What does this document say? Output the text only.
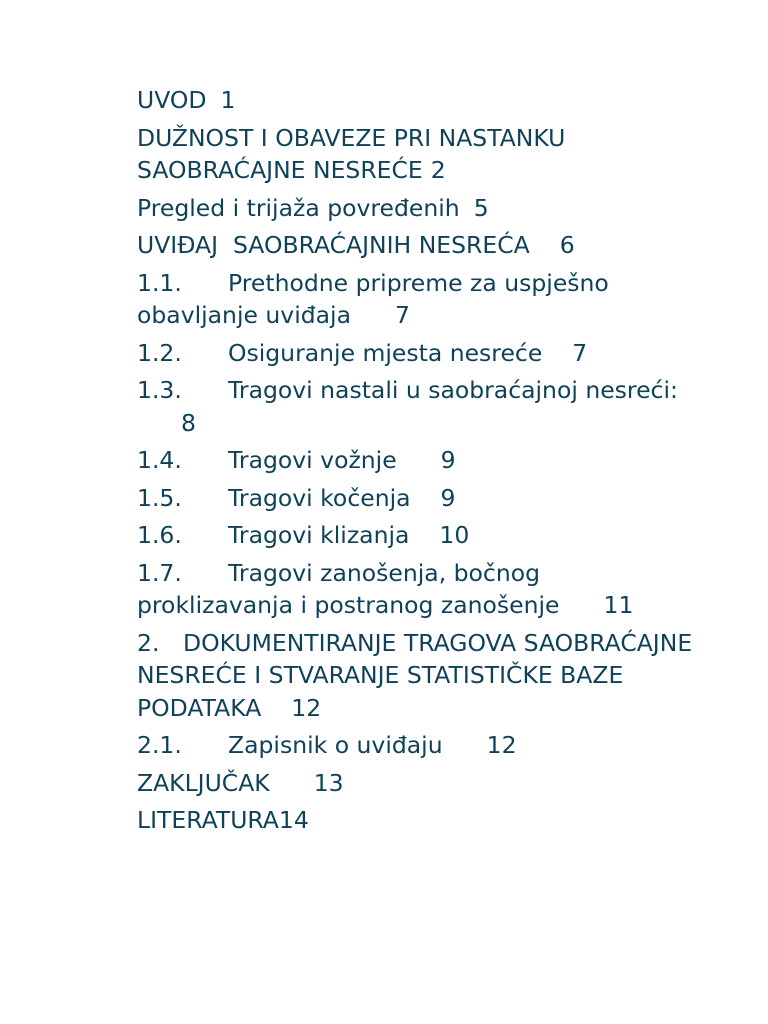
UVOD 1
DUŽNOST I OBAVEZE PRI NASTANKU SAOBRAĆAJNE NESREĆE 2
Pregled i trijaža povređenih 5
UVIĐAJ  SAOBRAĆAJNIH NESREĆA 6
1.1. Prethodne pripreme za uspješno obavljanje uviđaja 7
1.2. Osiguranje mjesta nesreće 7
1.3. Tragovi nastali u saobraćajnoj nesreći:8
1.4. Tragovi vožnje 9
1.5. Tragovi kočenja 9
1.6. Tragovi klizanja 10
1.7. Tragovi zanošenja, bočnog proklizavanja i postranog zanošenje 11
2. DOKUMENTIRANJE TRAGOVA SAOBRAĆAJNE NESREĆE I STVARANJE STATISTIČKE BAZE PODATAKA 12
2.1. Zapisnik o uviđaju 12
ZAKLJUČAK 13
LITERATURA14
